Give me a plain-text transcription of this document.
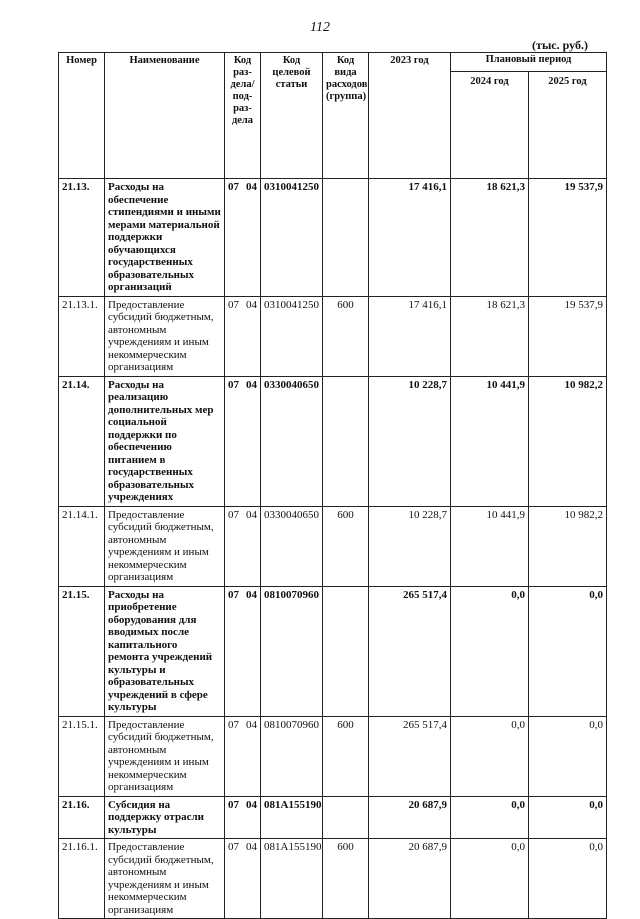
112
(тыс. руб.)
Номер	Наименование	Код раз-дела/ под-раз-дела	Код целевой статьи	Код вида расходов (группа)	2023 год	Плановый период	
						2024 год	2025 год
21.13.	Расходы на обеспечение стипендиями и иными мерами материальной поддержки обучающихся государственных образовательных организаций	07 04	0310041250		17 416,1	18 621,3	19 537,9
21.13.1.	Предоставление субсидий бюджетным, автономным учреждениям и иным некоммерческим организациям	07 04	0310041250	600	17 416,1	18 621,3	19 537,9
21.14.	Расходы на реализацию дополнительных мер социальной поддержки по обеспечению питанием в государственных образовательных учреждениях	07 04	0330040650		10 228,7	10 441,9	10 982,2
21.14.1.	Предоставление субсидий бюджетным, автономным учреждениям и иным некоммерческим организациям	07 04	0330040650	600	10 228,7	10 441,9	10 982,2
21.15.	Расходы на приобретение оборудования для вводимых после капитального ремонта учреждений культуры и образовательных учреждений в сфере культуры	07 04	0810070960		265 517,4	0,0	0,0
21.15.1.	Предоставление субсидий бюджетным, автономным учреждениям и иным некоммерческим организациям	07 04	0810070960	600	265 517,4	0,0	0,0
21.16.	Субсидия на поддержку отрасли культуры	07 04	081A155190		20 687,9	0,0	0,0
21.16.1.	Предоставление субсидий бюджетным, автономным учреждениям и иным некоммерческим организациям	07 04	081A155190	600	20 687,9	0,0	0,0
